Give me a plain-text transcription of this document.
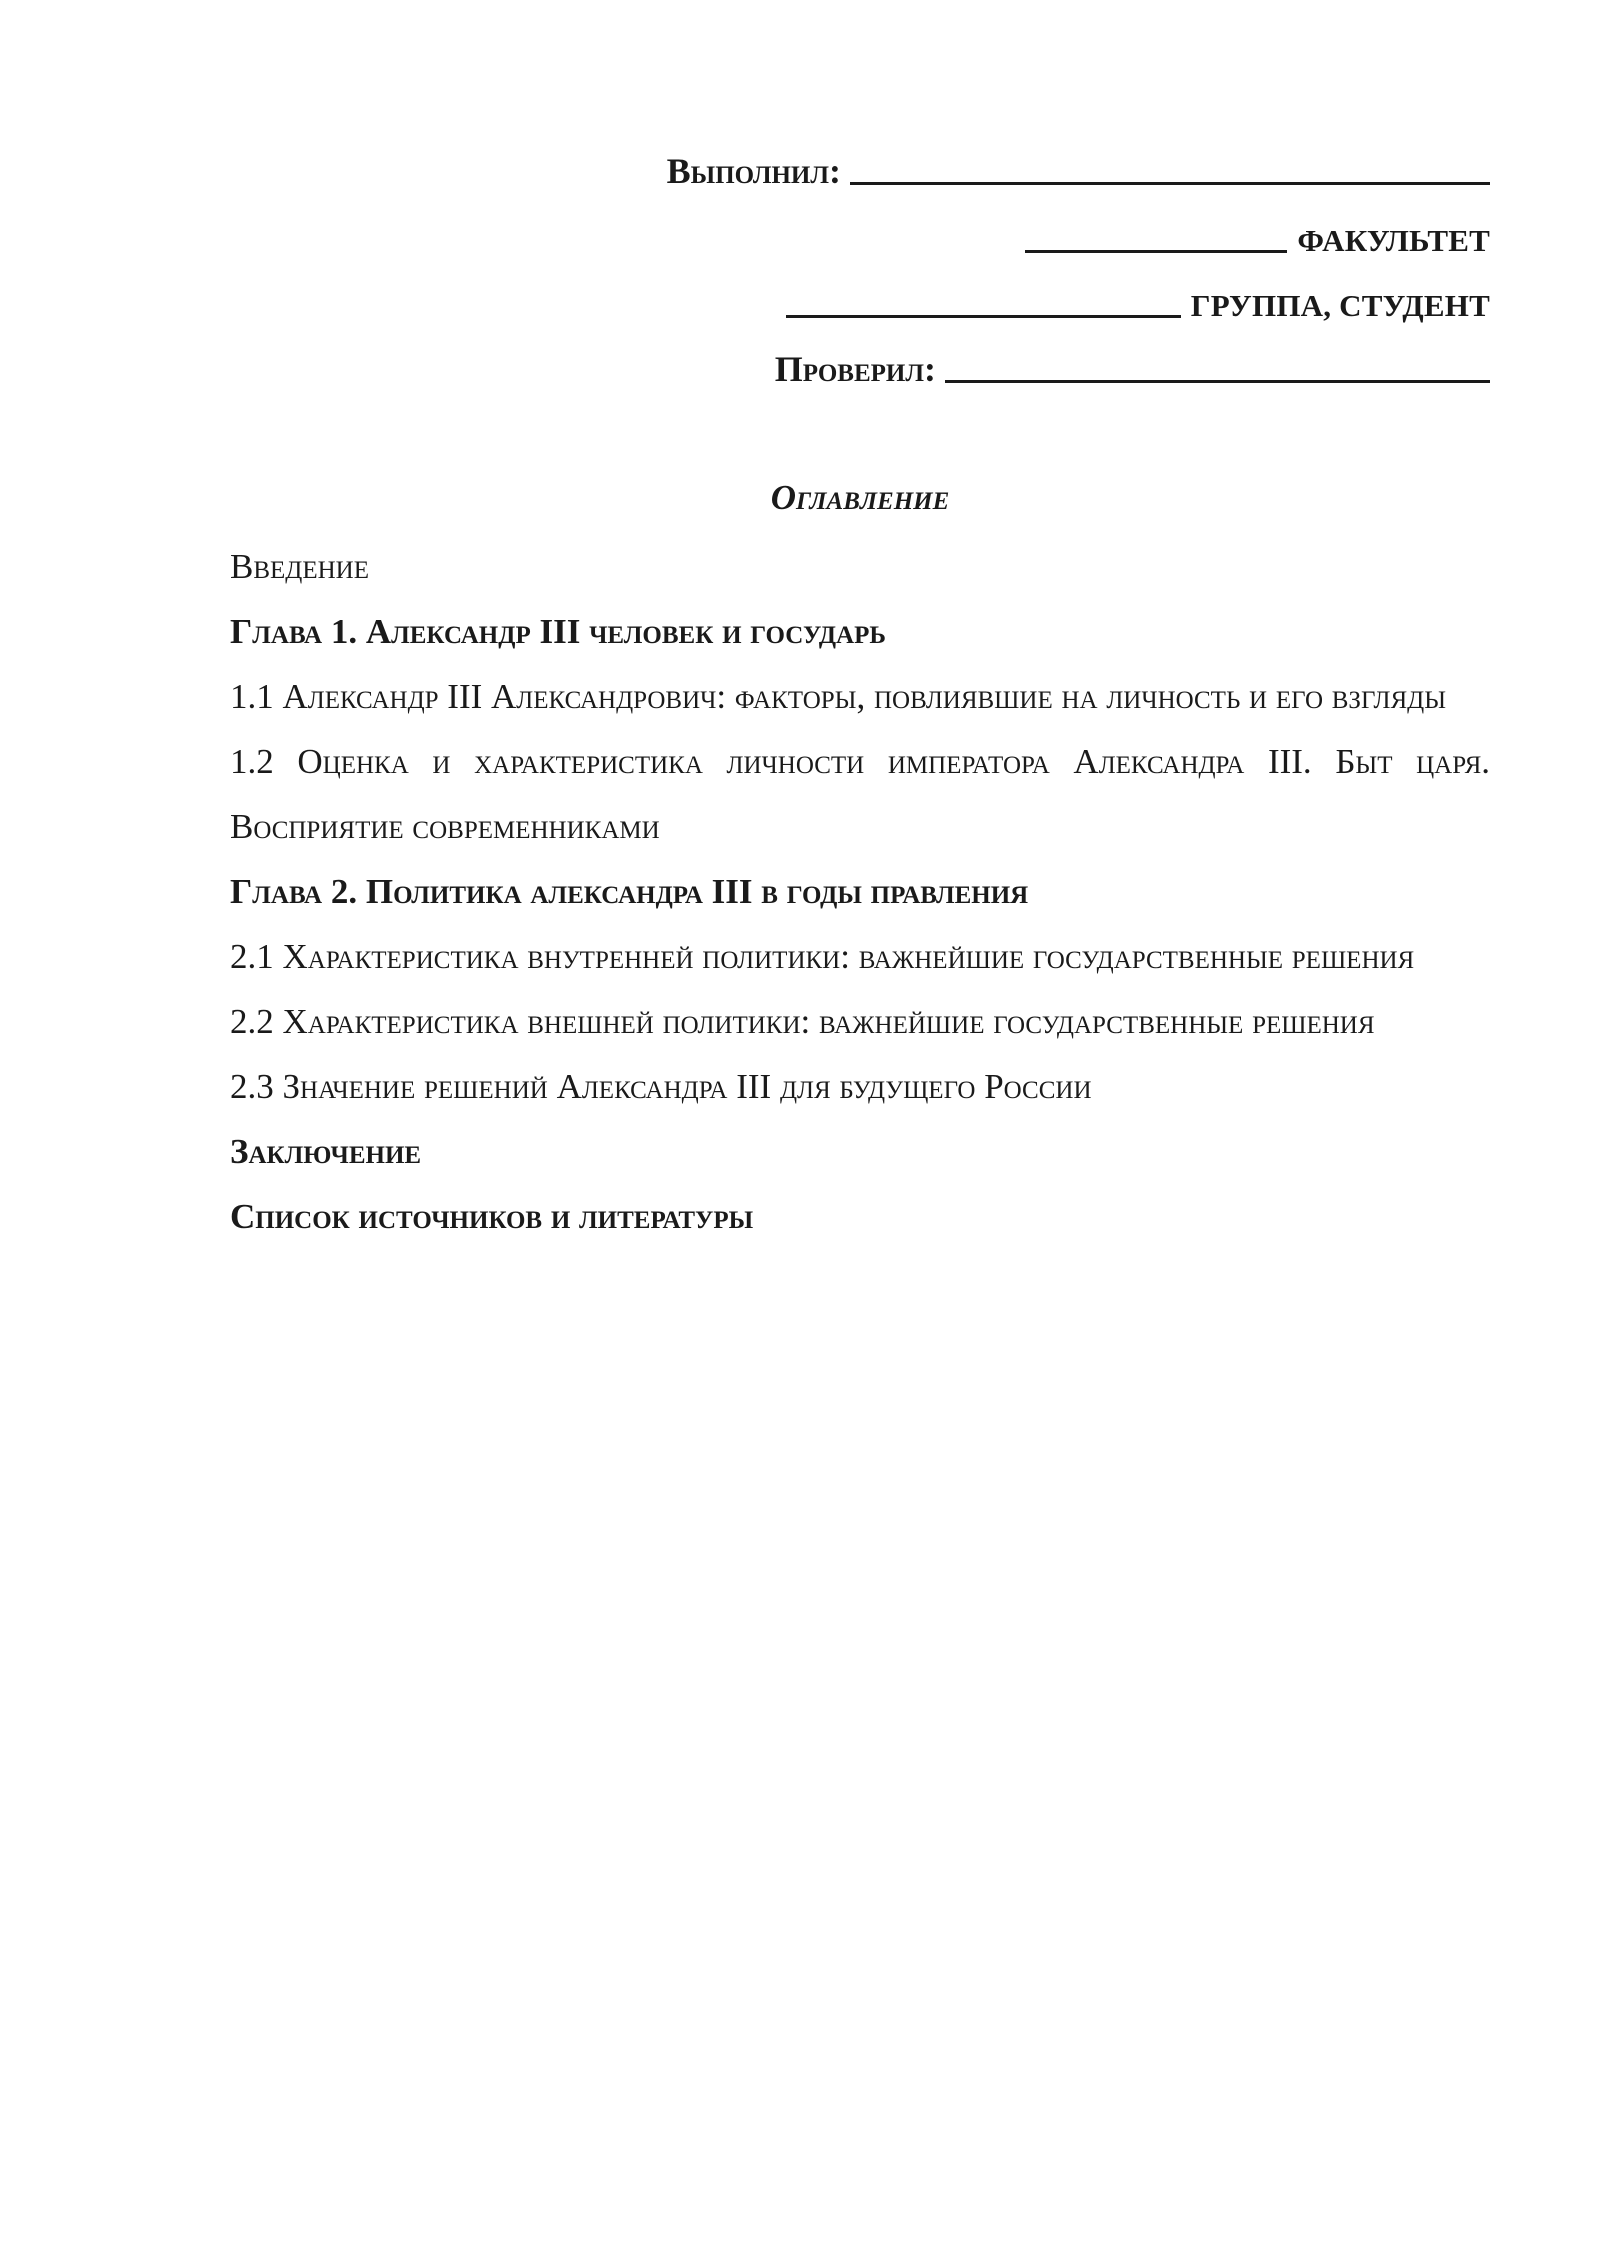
Выполнил:
ФАКУЛЬТЕТ
ГРУППА, СТУДЕНТ
Проверил:
Оглавление

Введение

Глава 1. Александр III человек и государь

1.1 Александр III Александрович: факторы, повлиявшие на личность и его взгляды

1.2 Оценка и характеристика личности императора Александра III. Быт царя. Восприятие современниками

Глава 2. Политика александра III в годы правления

2.1 Характеристика внутренней политики: важнейшие государственные решения

2.2 Характеристика внешней политики: важнейшие государственные решения

2.3 Значение решений Александра III для будущего России

Заключение

Список источников и литературы
